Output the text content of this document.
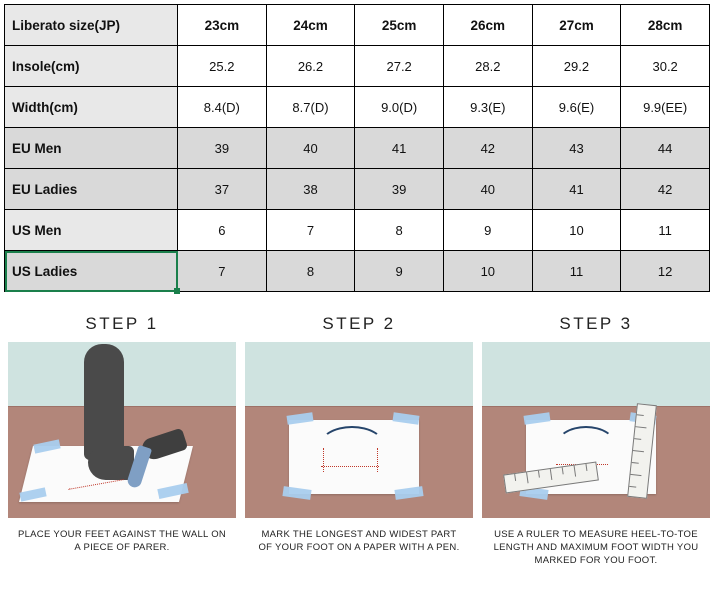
Liberato size(JP)	23cm	24cm	25cm	26cm	27cm	28cm
Insole(cm)	25.2	26.2	27.2	28.2	29.2	30.2
Width(cm)	8.4(D)	8.7(D)	9.0(D)	9.3(E)	9.6(E)	9.9(EE)
EU Men	39	40	41	42	43	44
EU Ladies	37	38	39	40	41	42
US Men	6	7	8	9	10	11
US Ladies	7	8	9	10	11	12
STEP 1
PLACE YOUR FEET AGAINST THE WALL ON A PIECE OF PARER.
STEP 2
MARK THE LONGEST AND WIDEST PART OF YOUR FOOT ON A PAPER WITH A PEN.
STEP 3
USE A RULER TO MEASURE HEEL-TO-TOE LENGTH AND MAXIMUM FOOT WIDTH YOU MARKED FOR YOU FOOT.
